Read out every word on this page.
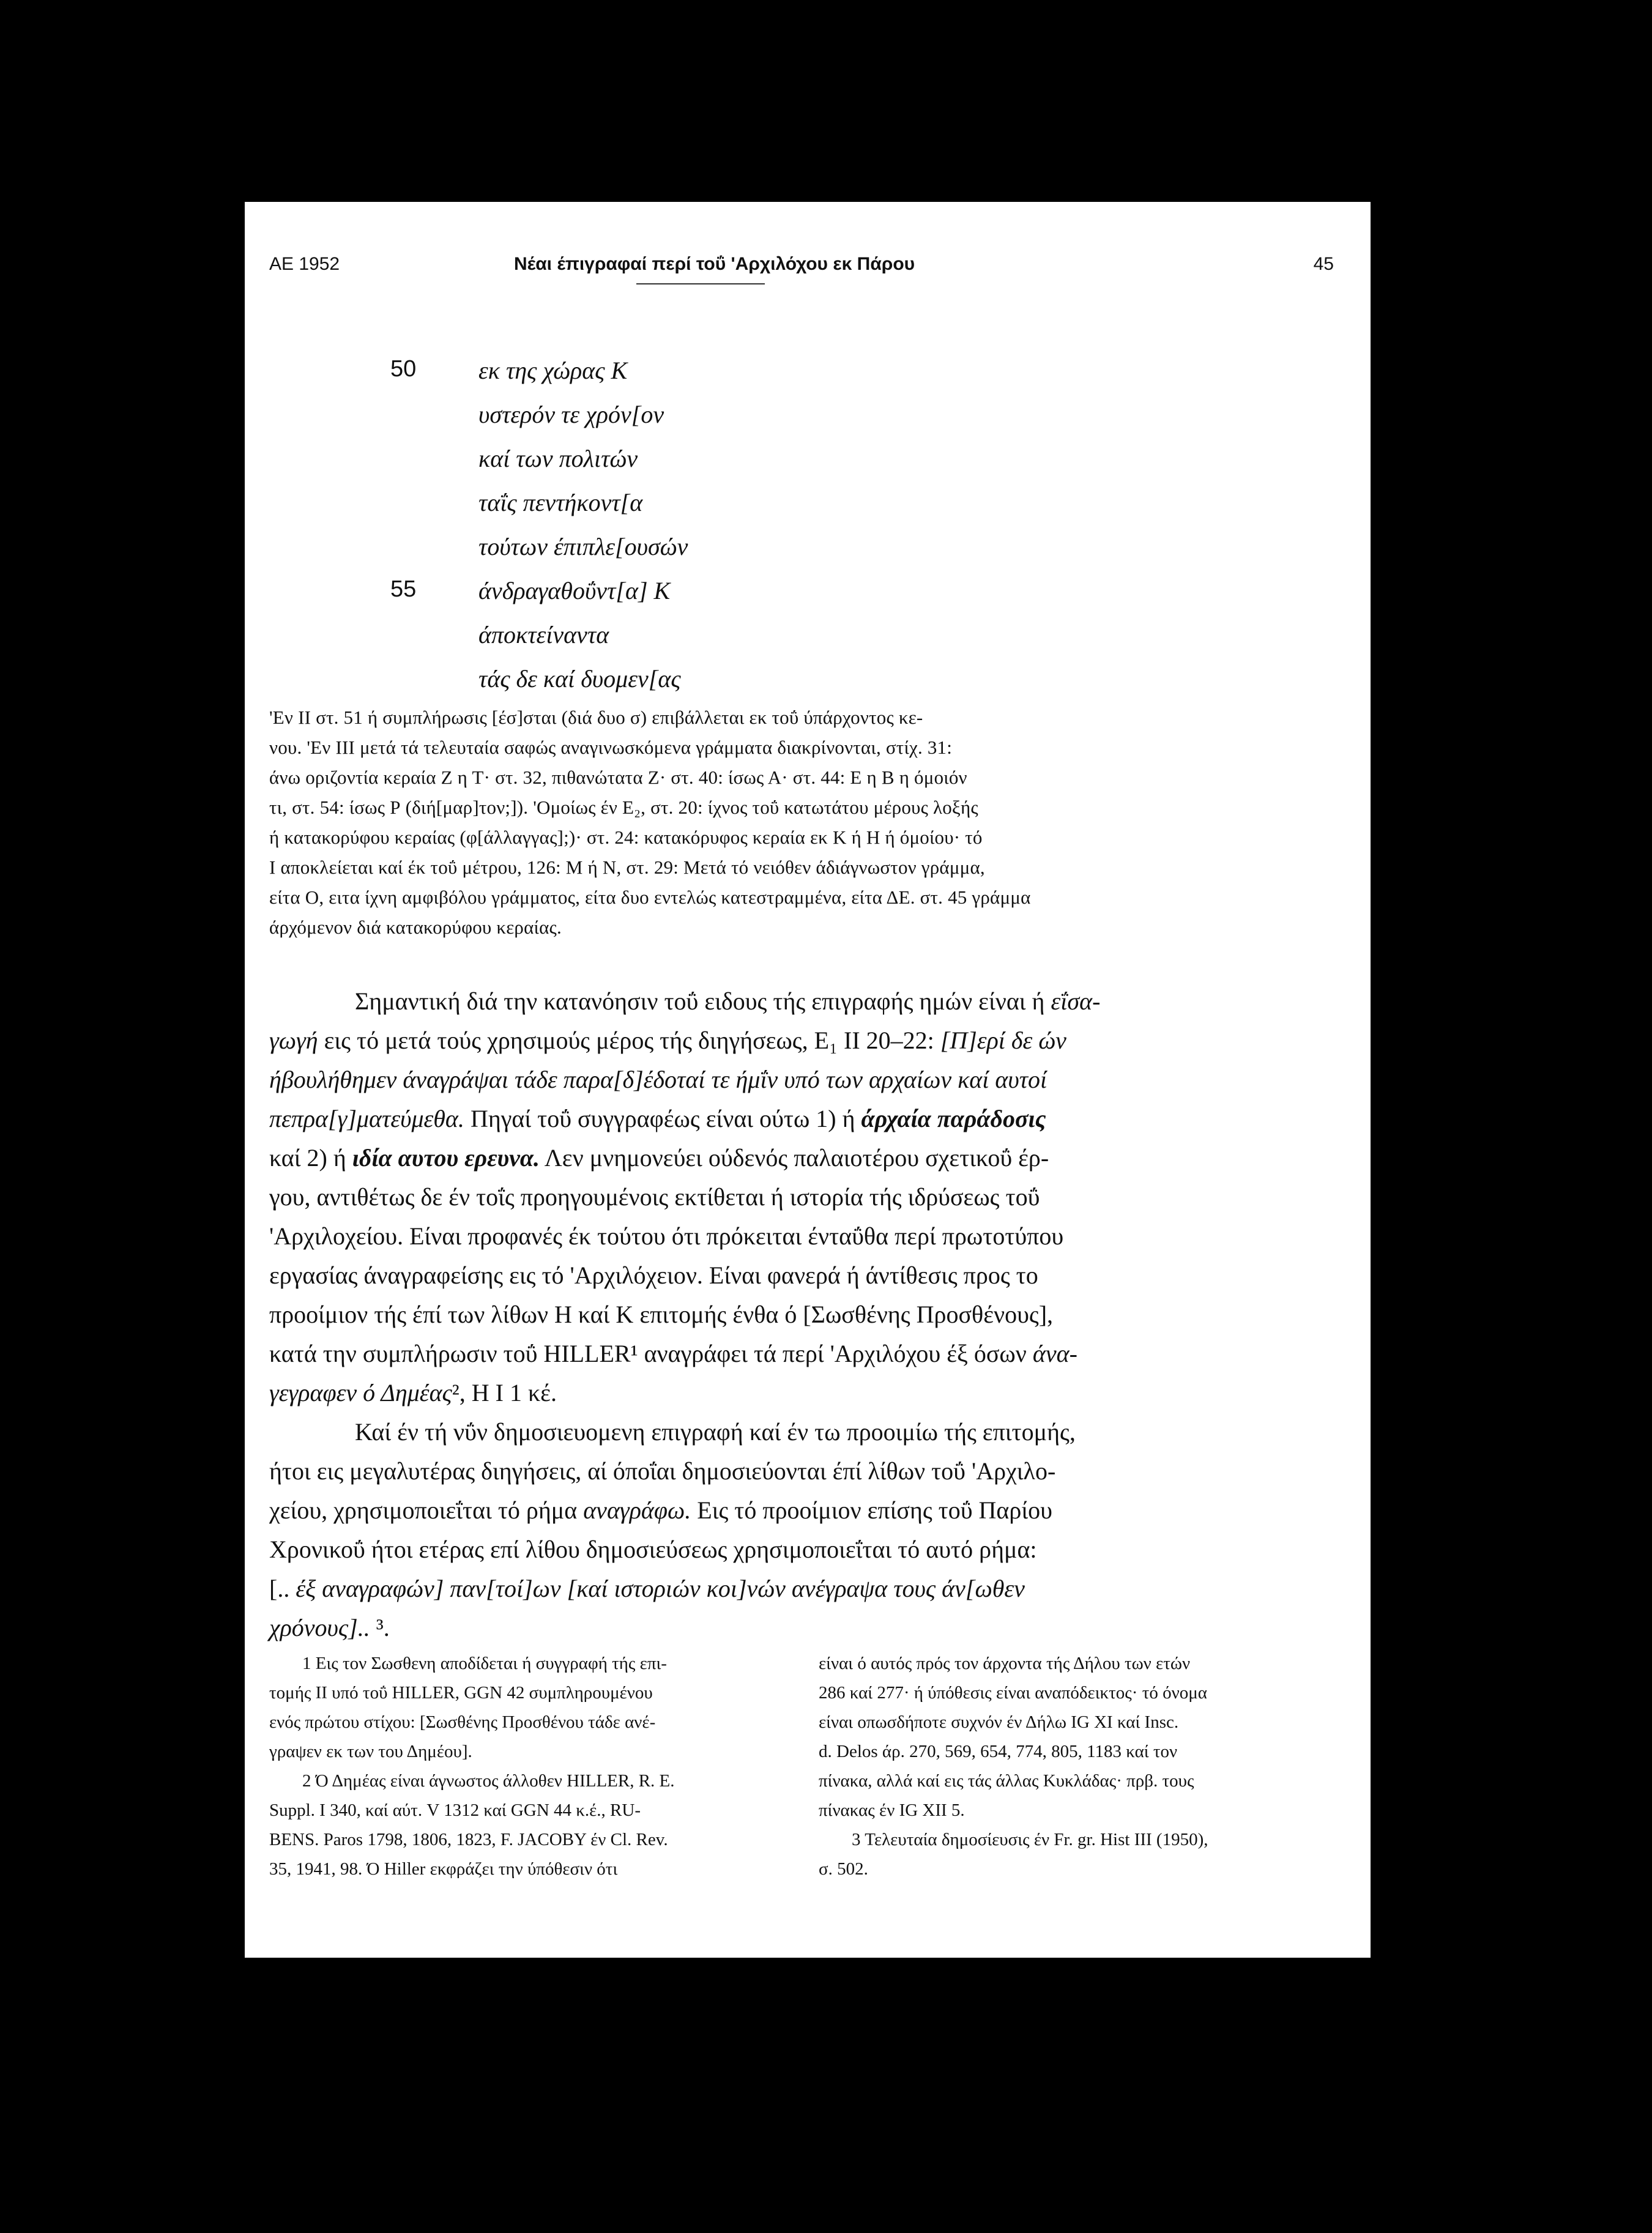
ΑΕ 1952	Νέαι έπιγραφαί περί τοΰ 'Αρχιλόχου εκ Πάρου	45
50	εκ της χώρας Κ
υστερόν τε χρόν[ον
καί των πολιτών
ταΐς πεντήκοντ[α
τούτων έπιπλε[ουσών
55	άνδραγαθοΰντ[α] Κ
άποκτείναντα
τάς δε καί δυομεν[ας
'Εν ΙΙ στ. 51 ή συμπλήρωσις [έσ]σται (διά δυο σ) επιβάλλεται εκ τοΰ ύπάρχοντος κε-
νου. 'Εν ΙΙΙ μετά τά τελευταία σαφώς αναγινωσκόμενα γράμματα διακρίνονται, στίχ. 31:
άνω οριζοντία κεραία Ζ η Τ· στ. 32, πιθανώτατα Ζ· στ. 40: ίσως Α· στ. 44: Ε η Β η όμοιόν
τι, στ. 54: ίσως Ρ (διή[μαρ]τον;]). 'Ομοίως έν Ε₂, στ. 20: ίχνος τοΰ κατωτάτου μέρους λοξής
ή κατακορύφου κεραίας (φ[άλλαγγας];)· στ. 24: κατακόρυφος κεραία εκ Κ ή Η ή όμοίου· τό
Ι αποκλείεται καί έκ τοΰ μέτρου, 126: Μ ή Ν, στ. 29: Μετά τό νειόθεν άδιάγνωστον γράμμα,
είτα Ο, ειτα ίχνη αμφιβόλου γράμματος, είτα δυο εντελώς κατεστραμμένα, είτα ΔΕ. στ. 45 γράμμα
άρχόμενον διά κατακορύφου κεραίας.
Σημαντική διά την κατανόησιν τοΰ ειδους τής επιγραφής ημών είναι ή εΐσα-
γωγή εις τό μετά τούς χρησιμούς μέρος τής διηγήσεως, Ε₁ ΙΙ 20–22: [Π]ερί δε ών
ήβουλήθημεν άναγράψαι τάδε παρα[δ]έδοταί τε ήμΐν υπό των αρχαίων καί αυτοί
πεπρα[γ]ματεύμεθα. Πηγαί τοΰ συγγραφέως είναι ούτω 1) ή άρχαία παράδοσις
καί 2) ή ιδία αυτου ερευνα. Λεν μνημονεύει ούδενός παλαιοτέρου σχετικοΰ έρ-
γου, αντιθέτως δε έν τοΐς προηγουμένοις εκτίθεται ή ιστορία τής ιδρύσεως τοΰ
'Αρχιλοχείου. Είναι προφανές έκ τούτου ότι πρόκειται ένταΰθα περί πρωτοτύπου
εργασίας άναγραφείσης εις τό 'Αρχιλόχειον. Είναι φανερά ή άντίθεσις προς το
προοίμιον τής έπί των λίθων Η καί Κ επιτομής ένθα ό [Σωσθένης Προσθένους],
κατά την συμπλήρωσιν τοΰ HILLER¹ αναγράφει τά περί 'Αρχιλόχου έξ όσων άνα-
γεγραφεν ό Δημέας², Η Ι 1 κέ.
Καί έν τή νΰν δημοσιευομενη επιγραφή καί έν τω προοιμίω τής επιτομής,
ήτοι εις μεγαλυτέρας διηγήσεις, αί όποΐαι δημοσιεύονται έπί λίθων τοΰ 'Αρχιλο-
χείου, χρησιμοποιεΐται τό ρήμα αναγράφω. Εις τό προοίμιον επίσης τοΰ Παρίου
Χρονικοΰ ήτοι ετέρας επί λίθου δημοσιεύσεως χρησιμοποιεΐται τό αυτό ρήμα:
[.. έξ αναγραφών] παν[τοί]ων [καί ιστοριών κοι]νών ανέγραψα τους άν[ωθεν
χρόνους].. ³.
1 Εις τον Σωσθενη αποδίδεται ή συγγραφή τής επι-
τομής ΙΙ υπό τοΰ HILLER, GGN 42 συμπληρουμένου
ενός πρώτου στίχου: [Σωσθένης Προσθένου τάδε ανέ-
γραψεν εκ των του Δημέου].
2 Ό Δημέας είναι άγνωστος άλλοθεν HILLER, R. E.
Suppl. I 340, καί αύτ. V 1312 καί GGN 44 κ.έ., RU-
BENS. Paros 1798, 1806, 1823, F. JACOBY έν Cl. Rev.
35, 1941, 98. Ό Hiller εκφράζει την ύπόθεσιν ότι
είναι ό αυτός πρός τον άρχοντα τής Δήλου των ετών
286 καί 277· ή ύπόθεσις είναι αναπόδεικτος· τό όνομα
είναι οπωσδήποτε συχνόν έν Δήλω IG XI καί Insc.
d. Delos άρ. 270, 569, 654, 774, 805, 1183 καί τον
πίνακα, αλλά καί εις τάς άλλας Κυκλάδας· πρβ. τους
πίνακας έν IG XII 5.
3 Τελευταία δημοσίευσις έν Fr. gr. Hist III (1950),
σ. 502.
